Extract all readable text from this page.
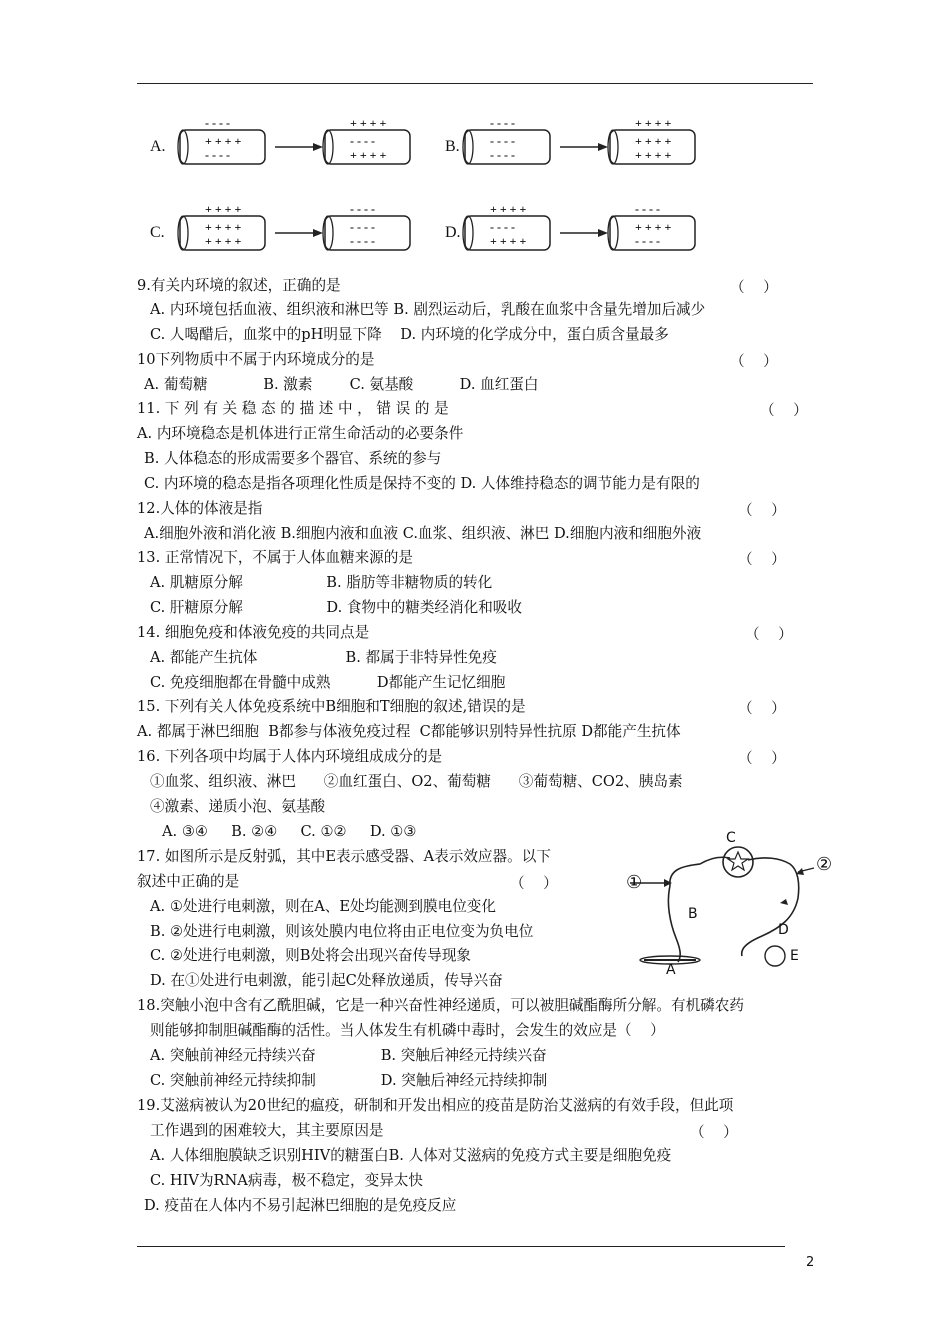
A.
- - - -
+ + + +
- - - -
+ + + +
- - - -
+ + + +	B.
- - - -
- - - -
- - - -
+ + + +
+ + + +
+ + + +
C.
+ + + +
+ + + +
+ + + +
- - - -
- - - -
- - - -	D.
+ + + +
- - - -
+ + + +
- - - -
+ + + +
- - - -
9.有关内环境的叙述，正确的是	（    ）
A. 内环境包括血液、组织液和淋巴等 B. 剧烈运动后，乳酸在血浆中含量先增加后减少
C. 人喝醋后，血浆中的pH明显下降    D. 内环境的化学成分中，蛋白质含量最多
10下列物质中不属于内环境成分的是	（    ）
A. 葡萄糖            B. 激素        C. 氨基酸          D. 血红蛋白
11. 下 列 有 关 稳 态 的 描 述 中 ， 错 误 的 是	（    ）
A. 内环境稳态是机体进行正常生命活动的必要条件
B. 人体稳态的形成需要多个器官、系统的参与
C. 内环境的稳态是指各项理化性质是保持不变的 D. 人体维持稳态的调节能力是有限的
12.人体的体液是指	（    ）
A.细胞外液和消化液 B.细胞内液和血液 C.血浆、组织液、淋巴 D.细胞内液和细胞外液
13. 正常情况下，不属于人体血糖来源的是	（    ）
A. 肌糖原分解                  B. 脂肪等非糖物质的转化
C. 肝糖原分解                  D. 食物中的糖类经消化和吸收
14. 细胞免疫和体液免疫的共同点是	（    ）
A. 都能产生抗体                   B. 都属于非特异性免疫
C. 免疫细胞都在骨髓中成熟          D都能产生记忆细胞
15. 下列有关人体免疫系统中B细胞和T细胞的叙述,错误的是	（    ）
A. 都属于淋巴细胞  B都参与体液免疫过程  C都能够识别特异性抗原 D都能产生抗体
16. 下列各项中均属于人体内环境组成成分的是	（    ）
①血浆、组织液、淋巴      ②血红蛋白、O2、葡萄糖      ③葡萄糖、CO2、胰岛素
④激素、递质小泡、氨基酸
A. ③④     B. ②④     C. ①②     D. ①③
17. 如图所示是反射弧，其中E表示感受器、A表示效应器。以下
叙述中正确的是	（    ）
A. ①处进行电刺激，则在A、E处均能测到膜电位变化
B. ②处进行电刺激，则该处膜内电位将由正电位变为负电位
C. ②处进行电刺激，则B处将会出现兴奋传导现象
D. 在①处进行电刺激，能引起C处释放递质，传导兴奋
C
①
②
B
D
E
A
18.突触小泡中含有乙酰胆碱，它是一种兴奋性神经递质，可以被胆碱酯酶所分解。有机磷农药
则能够抑制胆碱酯酶的活性。当人体发生有机磷中毒时，会发生的效应是（    ）
A. 突触前神经元持续兴奋              B. 突触后神经元持续兴奋
C. 突触前神经元持续抑制              D. 突触后神经元持续抑制
19.艾滋病被认为20世纪的瘟疫，研制和开发出相应的疫苗是防治艾滋病的有效手段，但此项
工作遇到的困难较大，其主要原因是	（    ）
A. 人体细胞膜缺乏识别HIV的糖蛋白B. 人体对艾滋病的免疫方式主要是细胞免疫
C. HIV为RNA病毒，极不稳定，变异太快
D. 疫苗在人体内不易引起淋巴细胞的是免疫反应
2
